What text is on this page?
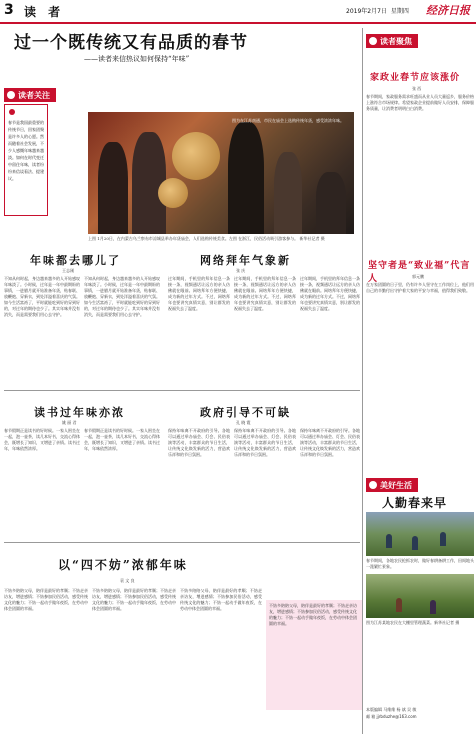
3 读 者	2019年2月7日 星期四	经济日报
过一个既传统又有品质的春节
——读者来信热议如何保持“年味”
读者关注
春节是我国最重要的传统节日，回家团聚是许多人的心愿。然而随着社会发展，不少人感慨年味越来越淡。如何在时代变迁中留住年味，读者纷纷来信谈看法、提建议。
图为在江苏南通，市民在庙会上选购传统年货，感受浓浓年味。
上图 1月20日，在内蒙古乌兰察布市凉城县举办年货庙会，人们选购传统美食。左图 在浙江，民俗活动吸引游客参与。 新华社记者 摄
年味都去哪儿了
王志刚
不知从何时起，身边越来越多的人开始感叹年味淡了。小时候，过年是一年中最期盼的事情，一进腊月就开始准备年货，贴春联、放鞭炮、穿新衣，到处洋溢着喜庆的气氛。如今生活富裕了，平时就能吃到好的穿到好的，对过年的期待也少了。其实年味并没有消失，而是需要我们用心去守护。
不知从何时起，身边越来越多的人开始感叹年味淡了。小时候，过年是一年中最期盼的事情，一进腊月就开始准备年货，贴春联、放鞭炮、穿新衣，到处洋溢着喜庆的气氛。如今生活富裕了，平时就能吃到好的穿到好的，对过年的期待也少了。其实年味并没有消失，而是需要我们用心去守护。
网络拜年气象新
张 庆
过年期间，手机里的拜年信息一条接一条，视频通话让远方的亲人仿佛就在眼前。网络拜年方便快捷，成为新的过年方式。不过，网络拜年也要讲究真情实意，别让群发的祝福失去了温度。
过年期间，手机里的拜年信息一条接一条，视频通话让远方的亲人仿佛就在眼前。网络拜年方便快捷，成为新的过年方式。不过，网络拜年也要讲究真情实意，别让群发的祝福失去了温度。
过年期间，手机里的拜年信息一条接一条，视频通话让远方的亲人仿佛就在眼前。网络拜年方便快捷，成为新的过年方式。不过，网络拜年也要讲究真情实意，别让群发的祝福失去了温度。
读书过年味亦浓
姚 丽 君
春节假期正是读书的好时候。一家人围坐在一起，泡一壶茶，读几本好书，交流心得体会，既增长了知识，又增进了亲情。读书过年，年味依然浓厚。
春节假期正是读书的好时候。一家人围坐在一起，泡一壶茶，读几本好书，交流心得体会，既增长了知识，又增进了亲情。读书过年，年味依然浓厚。
政府引导不可缺
孔 晓 霞
保持年味离不开政府的引导。各地可以通过举办庙会、灯会、民俗表演等活动，丰富群众的节日生活，让传统文化焕发新的活力，营造欢乐祥和的节日氛围。
保持年味离不开政府的引导。各地可以通过举办庙会、灯会、民俗表演等活动，丰富群众的节日生活，让传统文化焕发新的活力，营造欢乐祥和的节日氛围。
保持年味离不开政府的引导。各地可以通过举办庙会、灯会、民俗表演等活动，丰富群众的节日生活，让传统文化焕发新的活力，营造欢乐祥和的节日氛围。
以“四不妨”浓郁年味
袁 文 良
不妨多陪陪父母，陪伴是最好的孝顺；不妨走亲访友，增进感情；不妨参加民俗活动，感受传统文化的魅力；不妨一起动手做年夜饭，在劳动中体会团圆的幸福。
不妨多陪陪父母，陪伴是最好的孝顺；不妨走亲访友，增进感情；不妨参加民俗活动，感受传统文化的魅力；不妨一起动手做年夜饭，在劳动中体会团圆的幸福。
不妨多陪陪父母，陪伴是最好的孝顺；不妨走亲访友，增进感情；不妨参加民俗活动，感受传统文化的魅力；不妨一起动手做年夜饭，在劳动中体会团圆的幸福。
不妨多陪陪父母，陪伴是最好的孝顺；不妨走亲访友，增进感情；不妨参加民俗活动，感受传统文化的魅力；不妨一起动手做年夜饭，在劳动中体会团圆的幸福。
读者聚焦
家政业春节应该涨价
张 西
春节期间，家政服务需求旺盛而从业人员大量返乡，服务价格上涨符合市场规律。希望家政企业提前做好人员安排，保障服务质量，让消费者明明白白消费。
坚守者是“致业福”代言人	郭元鹏
在万家团圆的日子里，仍有许多人坚守在工作岗位上，他们用自己的辛勤付出守护着大家的平安与幸福，值得我们致敬。
美好生活
人勤春来早
春节期间，各地农民抢抓农时，做好春耕备耕工作，田间地头一派繁忙景象。
图为江苏某地农民在大棚里管理蔬菜。新华社记者 摄
本版编辑 马维维 杨 斌 吴 敏
邮 箱 jjrbduzhe@163.com
